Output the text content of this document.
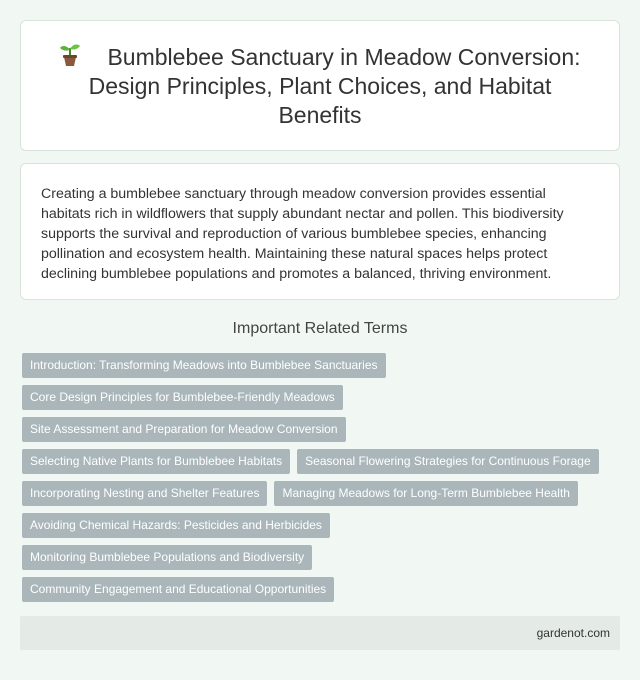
Bumblebee Sanctuary in Meadow Conversion: Design Principles, Plant Choices, and Habitat Benefits

Creating a bumblebee sanctuary through meadow conversion provides essential habitats rich in wildflowers that supply abundant nectar and pollen. This biodiversity supports the survival and reproduction of various bumblebee species, enhancing pollination and ecosystem health. Maintaining these natural spaces helps protect declining bumblebee populations and promotes a balanced, thriving environment.

Important Related Terms
Introduction: Transforming Meadows into Bumblebee Sanctuaries
Core Design Principles for Bumblebee-Friendly Meadows
Site Assessment and Preparation for Meadow Conversion
Selecting Native Plants for Bumblebee Habitats	Seasonal Flowering Strategies for Continuous Forage
Incorporating Nesting and Shelter Features	Managing Meadows for Long-Term Bumblebee Health
Avoiding Chemical Hazards: Pesticides and Herbicides
Monitoring Bumblebee Populations and Biodiversity
Community Engagement and Educational Opportunities
gardenot.com
